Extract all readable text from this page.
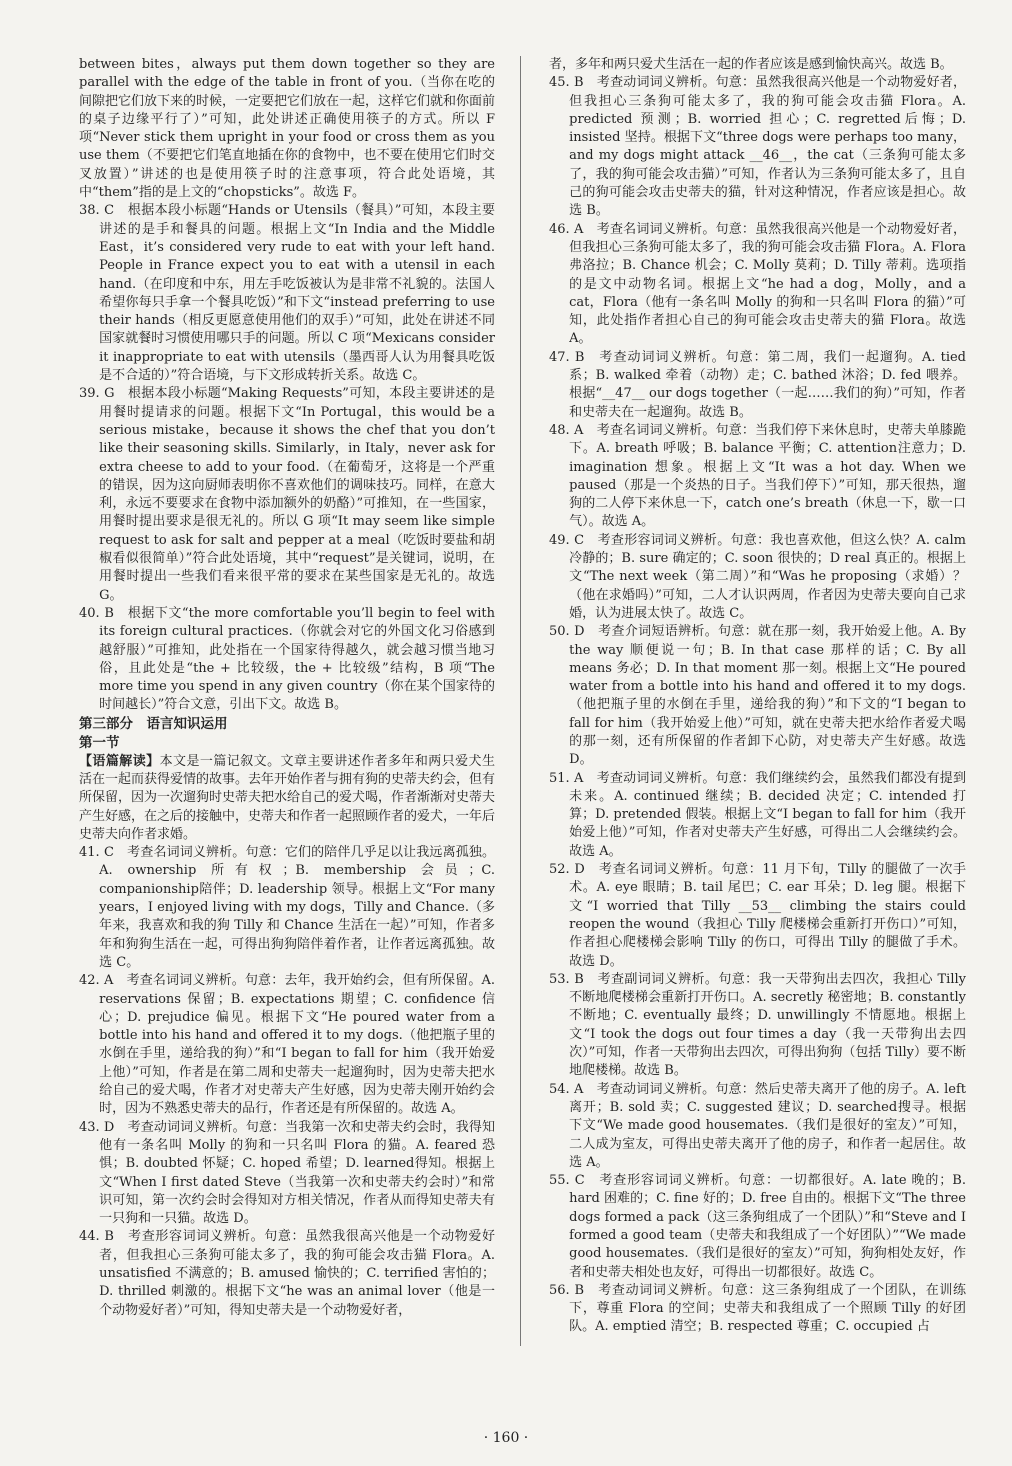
between bites，always put them down together so they are parallel with the edge of the table in front of you.（当你在吃的间隙把它们放下来的时候，一定要把它们放在一起，这样它们就和你面前的桌子边缘平行了）”可知，此处讲述正确使用筷子的方式。所以 F 项“Never stick them upright in your food or cross them as you use them（不要把它们笔直地插在你的食物中，也不要在使用它们时交叉放置）”讲述的也是使用筷子时的注意事项，符合此处语境，其中“them”指的是上文的“chopsticks”。故选 F。

38. C　根据本段小标题“Hands or Utensils（餐具）”可知，本段主要讲述的是手和餐具的问题。根据上文“In India and the Middle East，it’s considered very rude to eat with your left hand. People in France expect you to eat with a utensil in each hand.（在印度和中东，用左手吃饭被认为是非常不礼貌的。法国人希望你每只手拿一个餐具吃饭）”和下文“instead preferring to use their hands（相反更愿意使用他们的双手）”可知，此处在讲述不同国家就餐时习惯使用哪只手的问题。所以 C 项“Mexicans consider it inappropriate to eat with utensils（墨西哥人认为用餐具吃饭是不合适的）”符合语境，与下文形成转折关系。故选 C。

39. G　根据本段小标题“Making Requests”可知，本段主要讲述的是用餐时提请求的问题。根据下文“In Portugal，this would be a serious mistake，because it shows the chef that you don’t like their seasoning skills. Similarly，in Italy，never ask for extra cheese to add to your food.（在葡萄牙，这将是一个严重的错误，因为这向厨师表明你不喜欢他们的调味技巧。同样，在意大利，永远不要要求在食物中添加额外的奶酪）”可推知，在一些国家，用餐时提出要求是很无礼的。所以 G 项“It may seem like simple request to ask for salt and pepper at a meal（吃饭时要盐和胡椒看似很简单）”符合此处语境，其中“request”是关键词，说明，在用餐时提出一些我们看来很平常的要求在某些国家是无礼的。故选 G。

40. B　根据下文“the more comfortable you’ll begin to feel with its foreign cultural practices.（你就会对它的外国文化习俗感到越舒服）”可推知，此处指在一个国家待得越久，就会越习惯当地习俗，且此处是“the + 比较级，the + 比较级”结构，B 项“The more time you spend in any given country（你在某个国家待的时间越长）”符合文意，引出下文。故选 B。

第三部分　语言知识运用

第一节

【语篇解读】本文是一篇记叙文。文章主要讲述作者多年和两只爱犬生活在一起而获得爱情的故事。去年开始作者与拥有狗的史蒂夫约会，但有所保留，因为一次遛狗时史蒂夫把水给自己的爱犬喝，作者渐渐对史蒂夫产生好感，在之后的接触中，史蒂夫和作者一起照顾作者的爱犬，一年后史蒂夫向作者求婚。

41. C　考查名词词义辨析。句意：它们的陪伴几乎足以让我远离孤独。A. ownership 所有权；B. membership 会员；C. companionship陪伴；D. leadership 领导。根据上文“For many years，I enjoyed living with my dogs，Tilly and Chance.（多年来，我喜欢和我的狗 Tilly 和 Chance 生活在一起）”可知，作者多年和狗狗生活在一起，可得出狗狗陪伴着作者，让作者远离孤独。故选 C。

42. A　考查名词词义辨析。句意：去年，我开始约会，但有所保留。A. reservations 保留；B. expectations 期望；C. confidence 信心；D. prejudice 偏见。根据下文“He poured water from a bottle into his hand and offered it to my dogs.（他把瓶子里的水倒在手里，递给我的狗）”和“I began to fall for him（我开始爱上他）”可知，作者是在第二周和史蒂夫一起遛狗时，因为史蒂夫把水给自己的爱犬喝，作者才对史蒂夫产生好感，因为史蒂夫刚开始约会时，因为不熟悉史蒂夫的品行，作者还是有所保留的。故选 A。

43. D　考查动词词义辨析。句意：当我第一次和史蒂夫约会时，我得知他有一条名叫 Molly 的狗和一只名叫 Flora 的猫。A. feared 恐惧；B. doubted 怀疑；C. hoped 希望；D. learned得知。根据上文“When I first dated Steve（当我第一次和史蒂夫约会时）”和常识可知，第一次约会时会得知对方相关情况，作者从而得知史蒂夫有一只狗和一只猫。故选 D。

44. B　考查形容词词义辨析。句意：虽然我很高兴他是一个动物爱好者，但我担心三条狗可能太多了，我的狗可能会攻击猫 Flora。A. unsatisfied 不满意的；B. amused 愉快的；C. terrified 害怕的；D. thrilled 刺激的。根据下文“he was an animal lover（他是一个动物爱好者）”可知，得知史蒂夫是一个动物爱好者，

者，多年和两只爱犬生活在一起的作者应该是感到愉快高兴。故选 B。

45. B　考查动词词义辨析。句意：虽然我很高兴他是一个动物爱好者，但我担心三条狗可能太多了，我的狗可能会攻击猫 Flora。A. predicted 预测；B. worried 担心；C. regretted后悔；D. insisted 坚持。根据下文“three dogs were perhaps too many，and my dogs might attack __46__，the cat（三条狗可能太多了，我的狗可能会攻击猫）”可知，作者认为三条狗可能太多了，且自己的狗可能会攻击史蒂夫的猫，针对这种情况，作者应该是担心。故选 B。

46. A　考查名词词义辨析。句意：虽然我很高兴他是一个动物爱好者，但我担心三条狗可能太多了，我的狗可能会攻击猫 Flora。A. Flora 弗洛拉；B. Chance 机会；C. Molly 莫莉；D. Tilly 蒂莉。选项指的是文中动物名词。根据上文“he had a dog，Molly，and a cat，Flora（他有一条名叫 Molly 的狗和一只名叫 Flora 的猫）”可知，此处指作者担心自己的狗可能会攻击史蒂夫的猫 Flora。故选 A。

47. B　考查动词词义辨析。句意：第二周，我们一起遛狗。A. tied 系；B. walked 牵着（动物）走；C. bathed 沐浴；D. fed 喂养。根据“__47__ our dogs together（一起……我们的狗）”可知，作者和史蒂夫在一起遛狗。故选 B。

48. A　考查名词词义辨析。句意：当我们停下来休息时，史蒂夫单膝跪下。A. breath 呼吸；B. balance 平衡；C. attention注意力；D. imagination 想象。根据上文“It was a hot day. When we paused（那是一个炎热的日子。当我们停下）”可知，那天很热，遛狗的二人停下来休息一下，catch one’s breath（休息一下，歇一口气）。故选 A。

49. C　考查形容词词义辨析。句意：我也喜欢他，但这么快？A. calm 冷静的；B. sure 确定的；C. soon 很快的；D real 真正的。根据上文“The next week（第二周）”和“Was he proposing（求婚）？（他在求婚吗）”可知，二人才认识两周，作者因为史蒂夫要向自己求婚，认为进展太快了。故选 C。

50. D　考查介词短语辨析。句意：就在那一刻，我开始爱上他。A. By the way 顺便说一句；B. In that case 那样的话；C. By all means 务必；D. In that moment 那一刻。根据上文“He poured water from a bottle into his hand and offered it to my dogs.（他把瓶子里的水倒在手里，递给我的狗）”和下文的“I began to fall for him（我开始爱上他）”可知，就在史蒂夫把水给作者爱犬喝的那一刻，还有所保留的作者卸下心防，对史蒂夫产生好感。故选 D。

51. A　考查动词词义辨析。句意：我们继续约会，虽然我们都没有提到未来。A. continued 继续；B. decided 决定；C. intended 打算；D. pretended 假装。根据上文“I began to fall for him（我开始爱上他）”可知，作者对史蒂夫产生好感，可得出二人会继续约会。故选 A。

52. D　考查名词词义辨析。句意：11 月下旬，Tilly 的腿做了一次手术。A. eye 眼睛；B. tail 尾巴；C. ear 耳朵；D. leg 腿。根据下文“I worried that Tilly __53__ climbing the stairs could reopen the wound（我担心 Tilly 爬楼梯会重新打开伤口）”可知，作者担心爬楼梯会影响 Tilly 的伤口，可得出 Tilly 的腿做了手术。故选 D。

53. B　考查副词词义辨析。句意：我一天带狗出去四次，我担心 Tilly 不断地爬楼梯会重新打开伤口。A. secretly 秘密地；B. constantly 不断地；C. eventually 最终；D. unwillingly 不情愿地。根据上文“I took the dogs out four times a day（我一天带狗出去四次）”可知，作者一天带狗出去四次，可得出狗狗（包括 Tilly）要不断地爬楼梯。故选 B。

54. A　考查动词词义辨析。句意：然后史蒂夫离开了他的房子。A. left 离开；B. sold 卖；C. suggested 建议；D. searched搜寻。根据下文“We made good housemates.（我们是很好的室友）”可知，二人成为室友，可得出史蒂夫离开了他的房子，和作者一起居住。故选 A。

55. C　考查形容词词义辨析。句意：一切都很好。A. late 晚的；B. hard 困难的；C. fine 好的；D. free 自由的。根据下文“The three dogs formed a pack（这三条狗组成了一个团队）”和“Steve and I formed a good team（史蒂夫和我组成了一个好团队）”“We made good housemates.（我们是很好的室友）”可知，狗狗相处友好，作者和史蒂夫相处也友好，可得出一切都很好。故选 C。

56. B　考查动词词义辨析。句意：这三条狗组成了一个团队，在训练下，尊重 Flora 的空间；史蒂夫和我组成了一个照顾 Tilly 的好团队。A. emptied 清空；B. respected 尊重；C. occupied 占

· 160 ·
